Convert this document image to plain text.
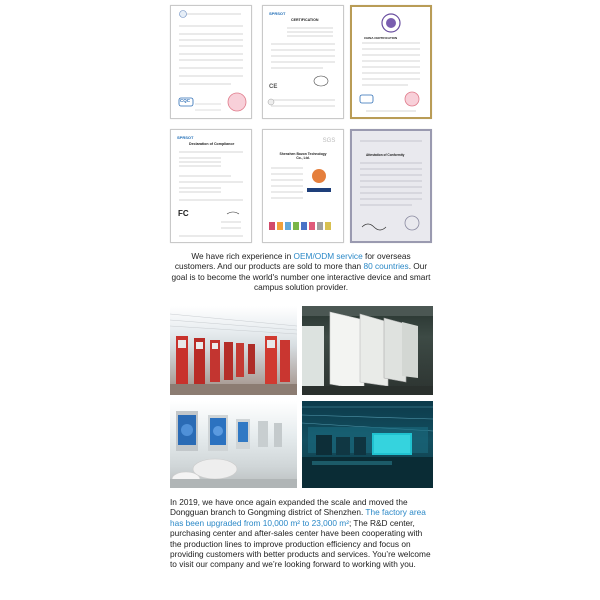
CQC
SPRSOT
CERTIFICATION
CE
CHINA CERTIFICATION
SPRSOT
Declaration of Compliance
FC
Shenzhen Bozon Technology Co., Ltd.
SGS
Attestation of Conformity
We have rich experience in OEM/ODM service for overseas customers. And our products are sold to more than 80 countries. Our goal is to become the world's number one interactive device and smart campus solution provider.
In 2019, we have once again expanded the scale and moved the Dongguan branch to Gongming district of Shenzhen. The factory area has been upgraded from 10,000 m² to 23,000 m²; The R&D center, purchasing center and after-sales center have been cooperating with the production lines to improve production efficiency and focus on providing customers with better products and services. You’re welcome to visit our company and we’re looking forward to working with you.
